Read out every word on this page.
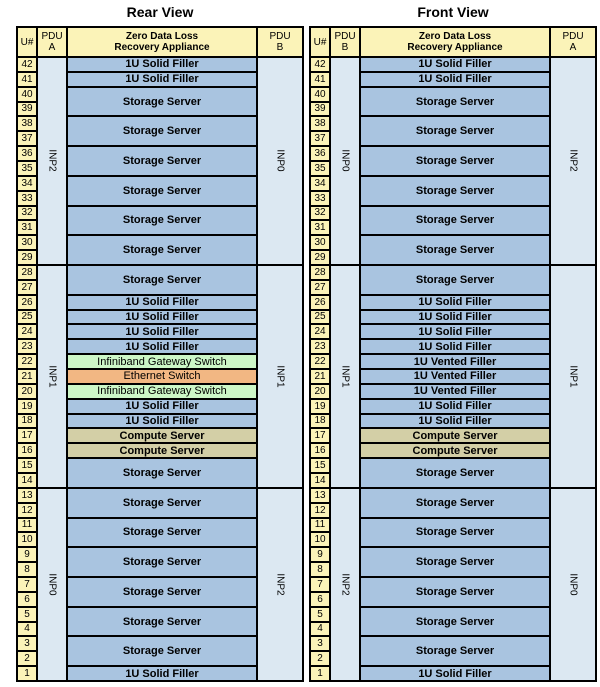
Rear View	Front View
U# PDU
A
Zero Data Loss
Recovery Appliance
PDU
B
42
41
40
39
38
37
36
35
34
33
32
31
30
29
28
27
26
25
24
23
22
21
20
19
18
17
16
15
14
13
12
11
10
9
8
7
6
5
4
3
2
1
INP2
INP1
INP0
INP0
INP1
INP2
1U Solid Filler
1U Solid Filler
Storage Server
Storage Server
Storage Server
Storage Server
Storage Server
Storage Server
Storage Server
1U Solid Filler
1U Solid Filler
1U Solid Filler
1U Solid Filler
Infiniband Gateway Switch
Ethernet Switch
Infiniband Gateway Switch
1U Solid Filler
1U Solid Filler
Compute Server
Compute Server
Storage Server
Storage Server
Storage Server
Storage Server
Storage Server
Storage Server
Storage Server
1U Solid Filler
U# PDU
B
Zero Data Loss
Recovery Appliance
PDU
A
42
41
40
39
38
37
36
35
34
33
32
31
30
29
28
27
26
25
24
23
22
21
20
19
18
17
16
15
14
13
12
11
10
9
8
7
6
5
4
3
2
1
INP0
INP1
INP2
INP2
INP1
INP0
1U Solid Filler
1U Solid Filler
Storage Server
Storage Server
Storage Server
Storage Server
Storage Server
Storage Server
Storage Server
1U Solid Filler
1U Solid Filler
1U Solid Filler
1U Solid Filler
1U Vented Filler
1U Vented Filler
1U Vented Filler
1U Solid Filler
1U Solid Filler
Compute Server
Compute Server
Storage Server
Storage Server
Storage Server
Storage Server
Storage Server
Storage Server
Storage Server
1U Solid Filler
